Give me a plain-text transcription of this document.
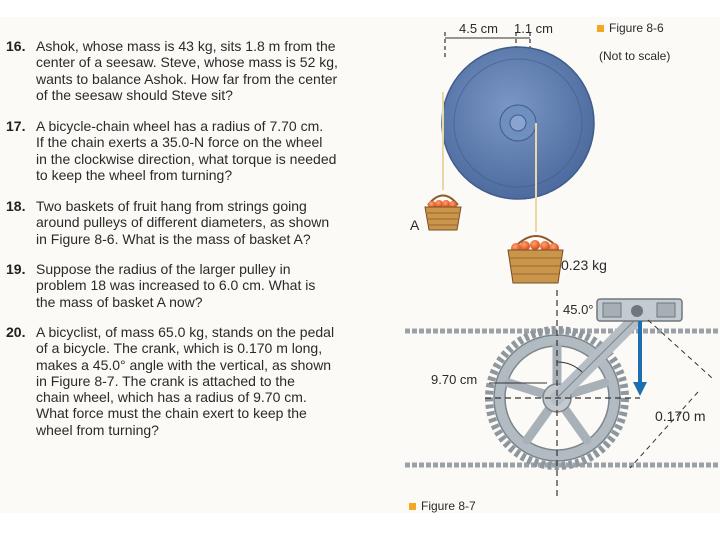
16. Ashok, whose mass is 43 kg, sits 1.8 m from the
center of a seesaw. Steve, whose mass is 52 kg,
wants to balance Ashok. How far from the center
of the seesaw should Steve sit?
17. A bicycle-chain wheel has a radius of 7.70 cm.
If the chain exerts a 35.0-N force on the wheel
in the clockwise direction, what torque is needed
to keep the wheel from turning?
18. Two baskets of fruit hang from strings going
around pulleys of different diameters, as shown
in Figure 8-6. What is the mass of basket A?
19. Suppose the radius of the larger pulley in
problem 18 was increased to 6.0 cm. What is
the mass of basket A now?
20. A bicyclist, of mass 65.0 kg, stands on the pedal
of a bicycle. The crank, which is 0.170 m long,
makes a 45.0° angle with the vertical, as shown
in Figure 8-7. The crank is attached to the
chain wheel, which has a radius of 9.70 cm.
What force must the chain exert to keep the
wheel from turning?
Figure 8-6
(Not to scale)
4.5 cm 1.1 cm
A
0.23 kg
45.0°
9.70 cm
0.170 m
Figure 8-7
